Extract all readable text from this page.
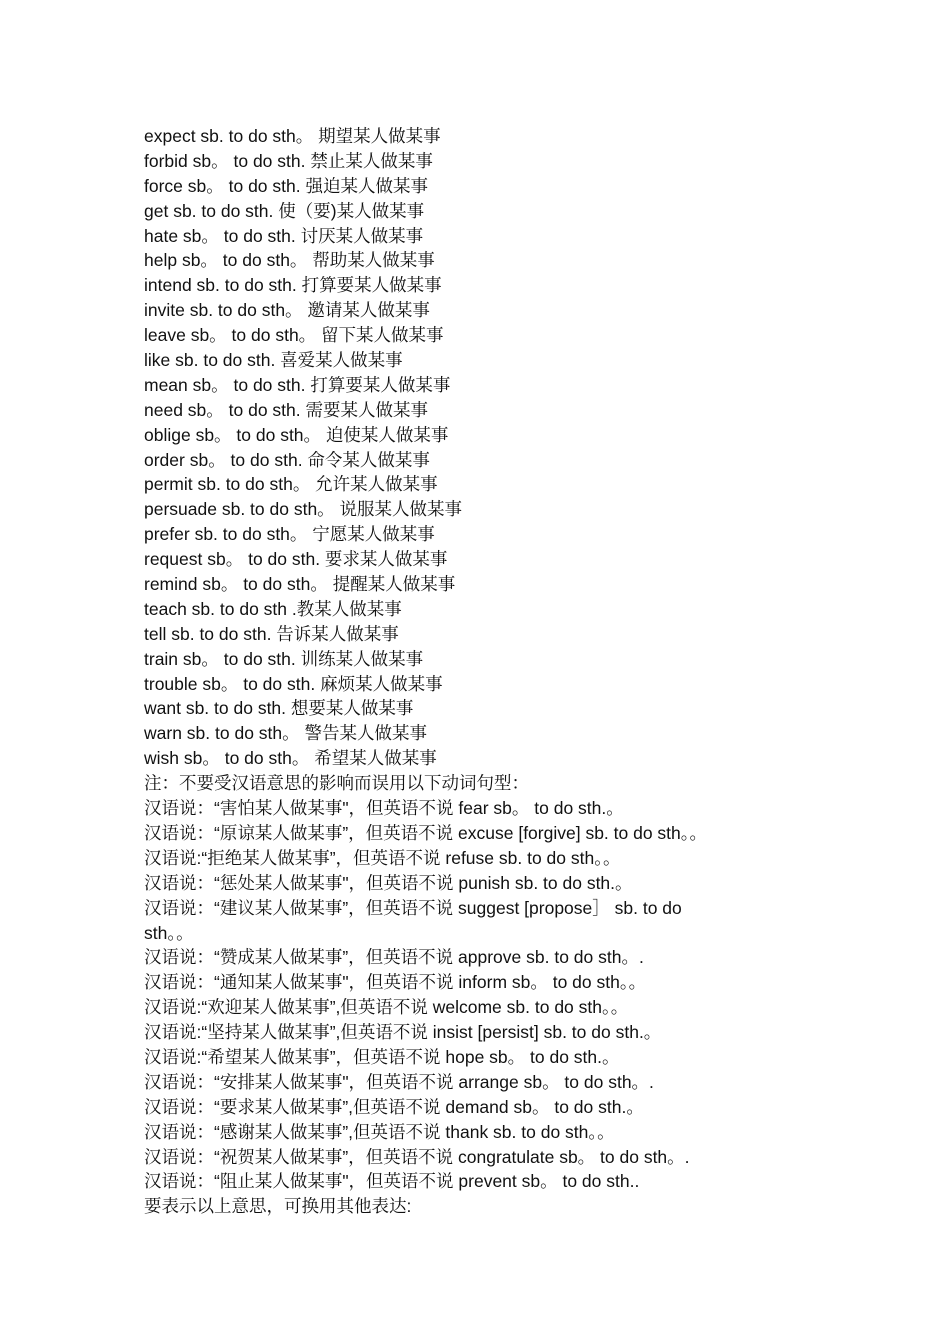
expect sb. to do sth。 期望某人做某事
forbid sb。 to do sth. 禁止某人做某事
force sb。 to do sth. 强迫某人做某事
get sb. to do sth. 使（要)某人做某事
hate sb。 to do sth. 讨厌某人做某事
help sb。 to do sth。 帮助某人做某事
intend sb. to do sth. 打算要某人做某事
invite sb. to do sth。 邀请某人做某事
leave sb。 to do sth。 留下某人做某事
like sb. to do sth. 喜爱某人做某事
mean sb。 to do sth. 打算要某人做某事
need sb。 to do sth. 需要某人做某事
oblige sb。 to do sth。 迫使某人做某事
order sb。 to do sth. 命令某人做某事
permit sb. to do sth。 允许某人做某事
persuade sb. to do sth。 说服某人做某事
prefer sb. to do sth。 宁愿某人做某事
request sb。 to do sth. 要求某人做某事
remind sb。 to do sth。 提醒某人做某事
teach sb. to do sth .教某人做某事
tell sb. to do sth. 告诉某人做某事
train sb。 to do sth. 训练某人做某事
trouble sb。 to do sth. 麻烦某人做某事
want sb. to do sth. 想要某人做某事
warn sb. to do sth。 警告某人做某事
wish sb。 to do sth。 希望某人做某事
注：不要受汉语意思的影响而误用以下动词句型：
汉语说：“害怕某人做某事"，但英语不说 fear sb。 to do sth.。
汉语说：“原谅某人做某事”，但英语不说 excuse [forgive] sb. to do sth。。
汉语说:“拒绝某人做某事”，但英语不说 refuse sb. to do sth。。
汉语说：“惩处某人做某事"，但英语不说 punish sb. to do sth.。
汉语说：“建议某人做某事”，但英语不说 suggest [propose］ sb. to do
sth。。
汉语说：“赞成某人做某事”，但英语不说 approve sb. to do sth。.
汉语说：“通知某人做某事"，但英语不说 inform sb。 to do sth。。
汉语说:“欢迎某人做某事”,但英语不说 welcome sb. to do sth。。
汉语说:“坚持某人做某事”,但英语不说 insist [persist] sb. to do sth.。
汉语说:“希望某人做某事”，但英语不说 hope sb。 to do sth.。
汉语说：“安排某人做某事"，但英语不说 arrange sb。 to do sth。.
汉语说：“要求某人做某事”,但英语不说 demand sb。 to do sth.。
汉语说：“感谢某人做某事”,但英语不说 thank sb. to do sth。。
汉语说：“祝贺某人做某事”，但英语不说 congratulate sb。 to do sth。.
汉语说：“阻止某人做某事"，但英语不说 prevent sb。 to do sth..
要表示以上意思，可换用其他表达:
